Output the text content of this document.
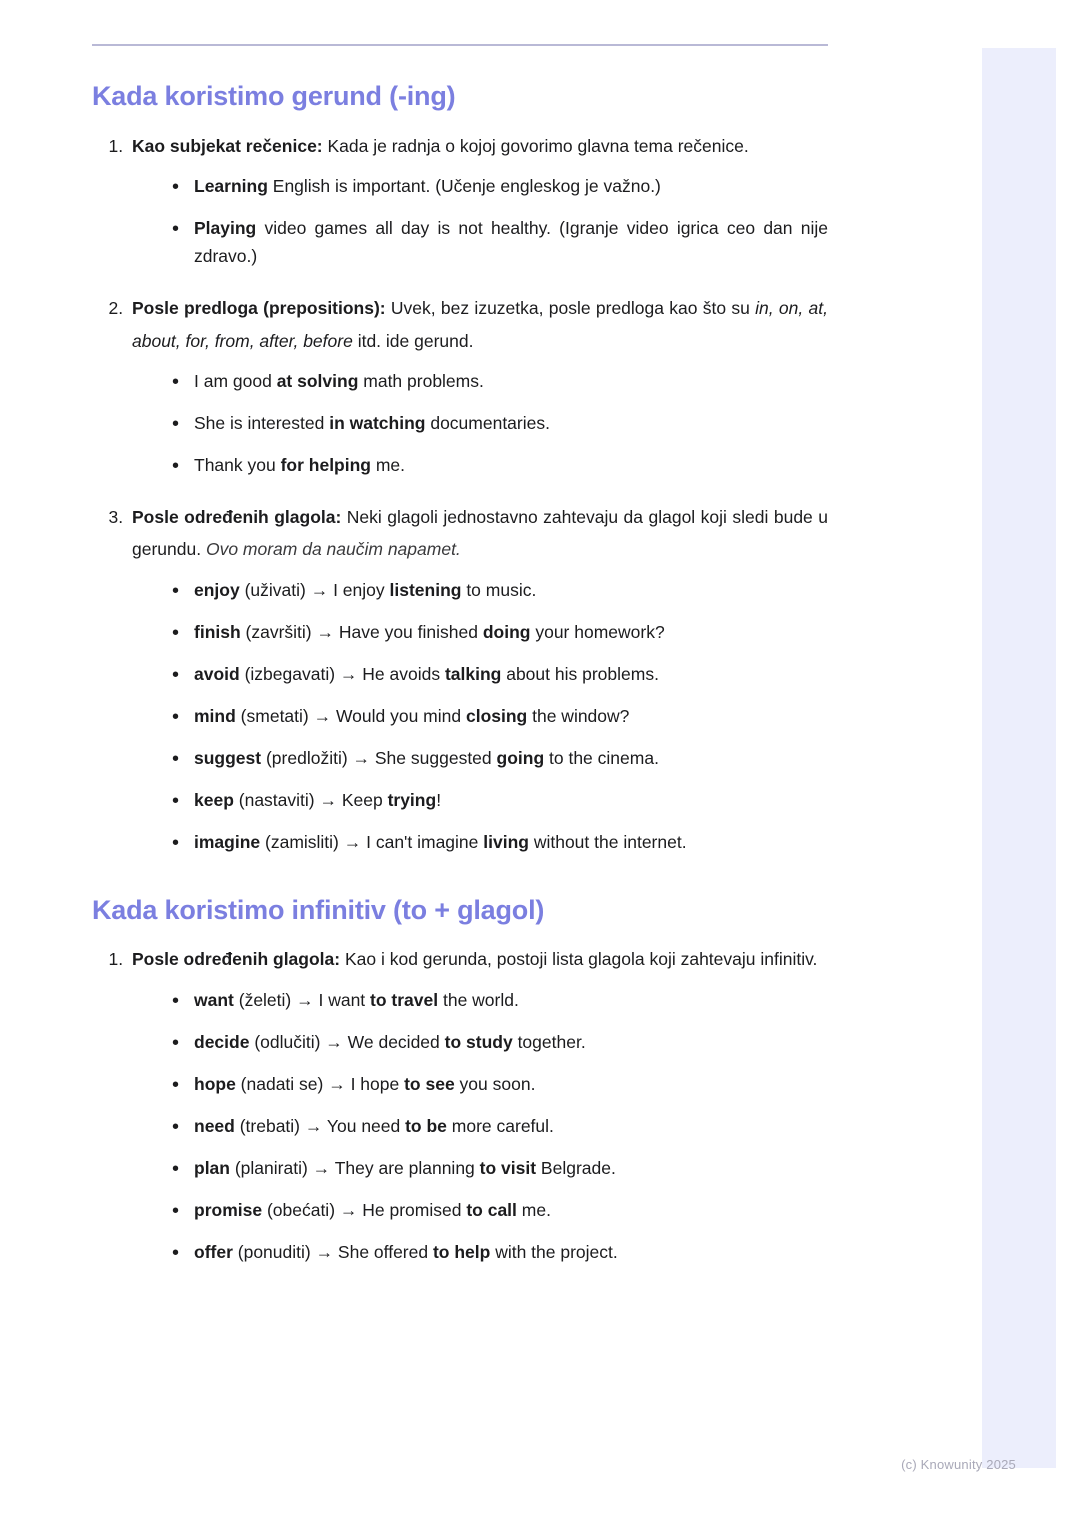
Kada koristimo gerund (-ing)
1. Kao subjekat rečenice: Kada je radnja o kojoj govorimo glavna tema rečenice.
• Learning English is important. (Učenje engleskog je važno.)
• Playing video games all day is not healthy. (Igranje video igrica ceo dan nije zdravo.)
2. Posle predloga (prepositions): Uvek, bez izuzetka, posle predloga kao što su in, on, at, about, for, from, after, before itd. ide gerund.
• I am good at solving math problems.
• She is interested in watching documentaries.
• Thank you for helping me.
3. Posle određenih glagola: Neki glagoli jednostavno zahtevaju da glagol koji sledi bude u gerundu. Ovo moram da naučim napamet.
• enjoy (uživati) → I enjoy listening to music.
• finish (završiti) → Have you finished doing your homework?
• avoid (izbegavati) → He avoids talking about his problems.
• mind (smetati) → Would you mind closing the window?
• suggest (predložiti) → She suggested going to the cinema.
• keep (nastaviti) → Keep trying!
• imagine (zamisliti) → I can't imagine living without the internet.
Kada koristimo infinitiv (to + glagol)
1. Posle određenih glagola: Kao i kod gerunda, postoji lista glagola koji zahtevaju infinitiv.
• want (želeti) → I want to travel the world.
• decide (odlučiti) → We decided to study together.
• hope (nadati se) → I hope to see you soon.
• need (trebati) → You need to be more careful.
• plan (planirati) → They are planning to visit Belgrade.
• promise (obećati) → He promised to call me.
• offer (ponuditi) → She offered to help with the project.
(c) Knowunity 2025
